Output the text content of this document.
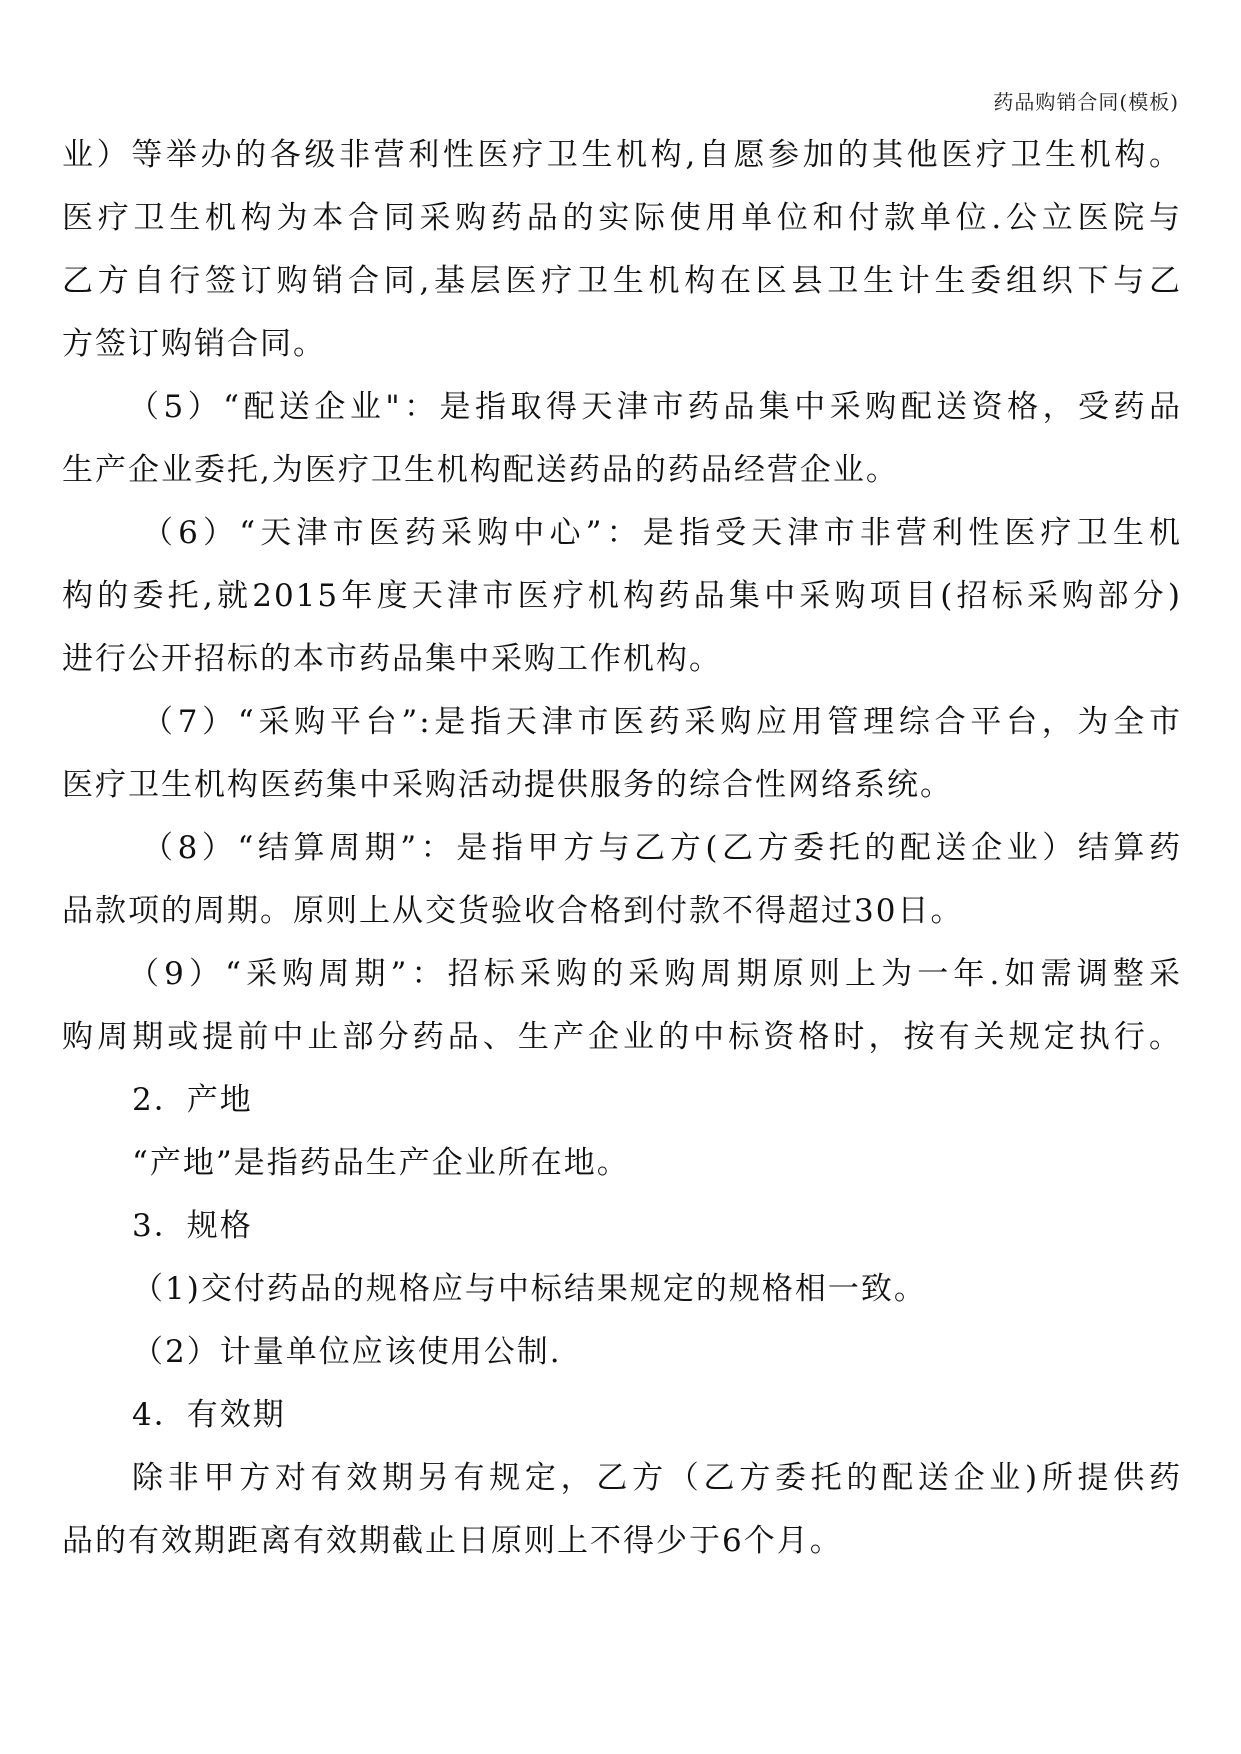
药品购销合同(模板)
业）等举办的各级非营利性医疗卫生机构,自愿参加的其他医疗卫生机构。
医疗卫生机构为本合同采购药品的实际使用单位和付款单位.公立医院与
乙方自行签订购销合同,基层医疗卫生机构在区县卫生计生委组织下与乙
方签订购销合同。
（5）“配送企业"：是指取得天津市药品集中采购配送资格，受药品
生产企业委托,为医疗卫生机构配送药品的药品经营企业。
（6）“天津市医药采购中心”：是指受天津市非营利性医疗卫生机
构的委托,就2015年度天津市医疗机构药品集中采购项目(招标采购部分)
进行公开招标的本市药品集中采购工作机构。
（7）“采购平台”:是指天津市医药采购应用管理综合平台，为全市
医疗卫生机构医药集中采购活动提供服务的综合性网络系统。
（8）“结算周期”：是指甲方与乙方(乙方委托的配送企业）结算药
品款项的周期。原则上从交货验收合格到付款不得超过30日。
（9）“采购周期”：招标采购的采购周期原则上为一年.如需调整采
购周期或提前中止部分药品、生产企业的中标资格时，按有关规定执行。
2．产地
“产地”是指药品生产企业所在地。
3．规格
（1)交付药品的规格应与中标结果规定的规格相一致。
（2）计量单位应该使用公制.
4．有效期
除非甲方对有效期另有规定，乙方（乙方委托的配送企业)所提供药
品的有效期距离有效期截止日原则上不得少于6个月。
